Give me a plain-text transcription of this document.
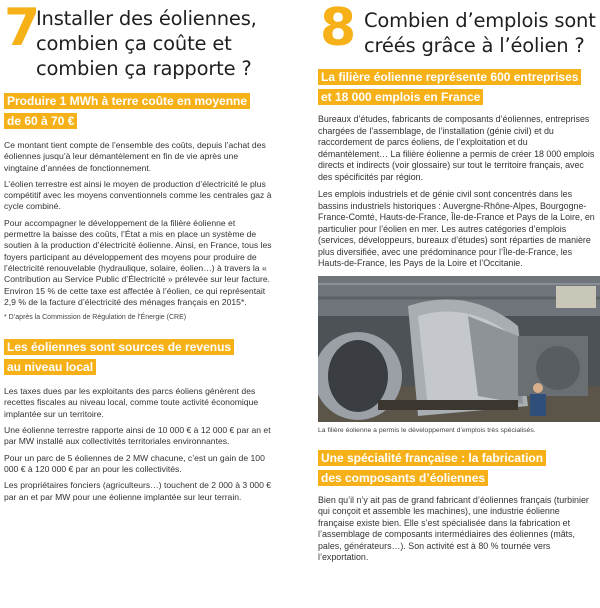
7
Installer des éoliennes,
combien ça coûte et
combien ça rapporte ?
Produire 1 MWh à terre coûte en moyenne
de 60 à 70 €

Ce montant tient compte de l’ensemble des coûts, depuis l’achat des éoliennes jusqu’à leur démantèlement en fin de vie après une vingtaine d’années de fonctionnement.

L’éolien terrestre est ainsi le moyen de production d’électricité le plus compétitif avec les moyens conventionnels comme les centrales gaz à cycle combiné.

Pour accompagner le développement de la filière éolienne et permettre la baisse des coûts, l’État a mis en place un système de soutien à la production d’électricité éolienne. Ainsi, en France, tous les foyers participant au développement des moyens pour produire de l’électricité renouvelable (hydraulique, solaire, éolien…) à travers la « Contribution au Service Public d’Électricité » prélevée sur leur facture. Environ 15 % de cette taxe est affectée à l’éolien, ce qui représentait 2,9 % de la facture d’électricité des ménages français en 2015*.

* D’après la Commission de Régulation de l’Énergie (CRE)

Les éoliennes sont sources de revenus
au niveau local

Les taxes dues par les exploitants des parcs éoliens génèrent des recettes fiscales au niveau local, comme toute activité économique implantée sur un territoire.

Une éolienne terrestre rapporte ainsi de 10 000 € à 12 000 € par an et par MW installé aux collectivités territoriales environnantes.

Pour un parc de 5 éoliennes de 2 MW chacune, c’est un gain de 100 000 € à 120 000 € par an pour les collectivités.

Les propriétaires fonciers (agriculteurs…) touchent de 2 000 à 3 000 € par an et par MW pour une éolienne implantée sur leur terrain.

8 Combien d’emplois sont
créés grâce à l’éolien ?
La filière éolienne représente 600 entreprises
et 18 000 emplois en France

Bureaux d’études, fabricants de composants d’éoliennes, entreprises chargées de l’assemblage, de l’installation (génie civil) et du raccordement de parcs éoliens, de l’exploitation et du démantèlement… La filière éolienne a permis de créer 18 000 emplois directs et indirects (voir glossaire) sur tout le territoire français, avec des spécificités par région.

Les emplois industriels et de génie civil sont concentrés dans les bassins industriels historiques : Auvergne-Rhône-Alpes, Bourgogne-France-Comté, Hauts-de-France, Île-de-France et Pays de la Loire, en particulier pour l’éolien en mer. Les autres catégories d’emplois (services, développeurs, bureaux d’études) sont réparties de manière plus diversifiée, avec une prédominance pour l’Île-de-France, les Hauts-de-France, les Pays de la Loire et l’Occitanie.

La filière éolienne a permis le développement d’emplois très spécialisés.

Une spécialité française : la fabrication
des composants d’éoliennes

Bien qu’il n’y ait pas de grand fabricant d’éoliennes français (turbinier qui conçoit et assemble les machines), une industrie éolienne française existe bien. Elle s’est spécialisée dans la fabrication et l’assemblage de composants intermédiaires des éoliennes (mâts, pales, générateurs…). Son activité est à 80 % tournée vers l’exportation.
